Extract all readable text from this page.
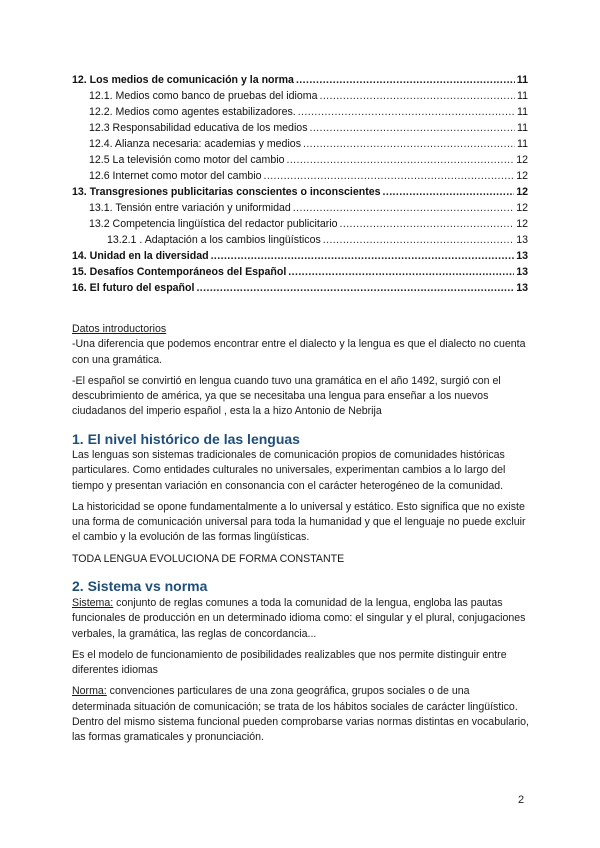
12. Los medios de comunicación y la norma .....	11
12.1. Medios como banco de pruebas del idioma .....	11
12.2. Medios como agentes estabilizadores. .....	11
12.3 Responsabilidad educativa de los medios .....	11
12.4. Alianza necesaria: academias y medios .....	11
12.5 La televisión como motor del cambio .....	12
12.6 Internet como motor del cambio .....	12
13. Transgresiones publicitarias conscientes o inconscientes .....	12
13.1. Tensión entre variación y uniformidad .....	12
13.2 Competencia lingüística del redactor publicitario .....	12
13.2.1 . Adaptación a los cambios lingüísticos .....	13
14. Unidad en la diversidad .....	13
15. Desafíos Contemporáneos del Español .....	13
16. El futuro del español .....	13

Datos introductorios

-Una diferencia que podemos encontrar entre el dialecto y la lengua es que el dialecto no cuenta con una gramática.

-El español se convirtió en lengua cuando tuvo una gramática en el año 1492, surgió con el descubrimiento de américa, ya que se necesitaba una lengua para enseñar a los nuevos ciudadanos del imperio español , esta la a hizo Antonio de Nebrija

1. El nivel histórico de las lenguas

Las lenguas son sistemas tradicionales de comunicación propios de comunidades históricas particulares. Como entidades culturales no universales, experimentan cambios a lo largo del tiempo y presentan variación en consonancia con el carácter heterogéneo de la comunidad.

La historicidad se opone fundamentalmente a lo universal y estático. Esto significa que no existe una forma de comunicación universal para toda la humanidad y que el lenguaje no puede excluir el cambio y la evolución de las formas lingüísticas.

TODA LENGUA EVOLUCIONA DE FORMA CONSTANTE

2. Sistema vs norma

Sistema: conjunto de reglas comunes a toda la comunidad de la lengua, engloba las pautas funcionales de producción en un determinado idioma como: el singular y el plural, conjugaciones verbales, la gramática, las reglas de concordancia...

Es el modelo de funcionamiento de posibilidades realizables que nos permite distinguir entre diferentes idiomas

Norma: convenciones particulares de una zona geográfica, grupos sociales o de una determinada situación de comunicación; se trata de los hábitos sociales de carácter lingüístico. Dentro del mismo sistema funcional pueden comprobarse varias normas distintas en vocabulario, las formas gramaticales y pronunciación.

2
